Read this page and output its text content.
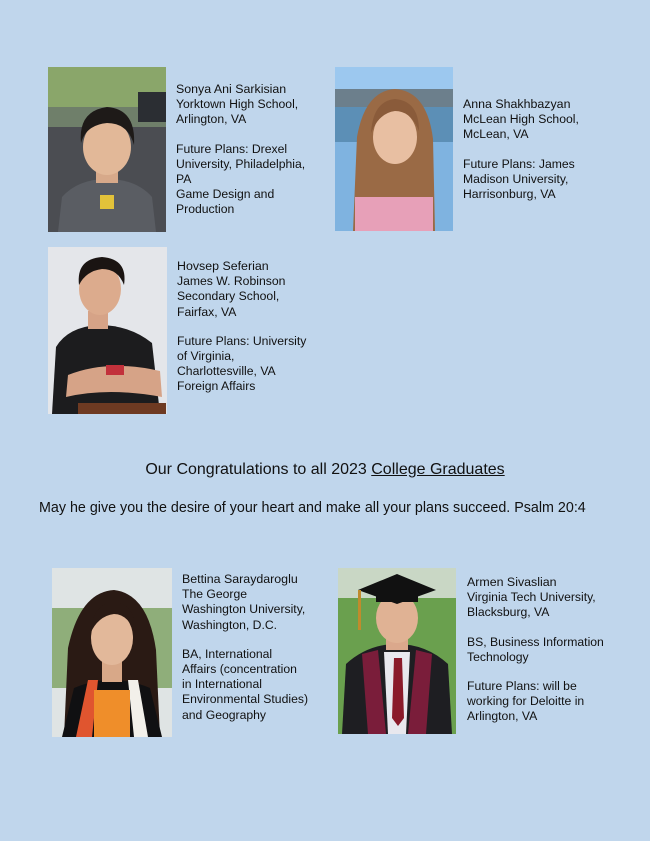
Sonya Ani Sarkisian
Yorktown High School,
Arlington, VA
Future Plans: Drexel
University, Philadelphia,
PA
Game Design and
Production
Anna Shakhbazyan
McLean High School,
McLean, VA
Future Plans: James
Madison University,
Harrisonburg, VA
Hovsep Seferian
James W. Robinson
Secondary School,
Fairfax, VA
Future Plans: University
of Virginia,
Charlottesville, VA
Foreign Affairs
Our Congratulations to all 2023 College Graduates
May he give you the desire of your heart and make all your plans succeed. Psalm 20:4
Bettina Saraydaroglu
The George
Washington University,
Washington, D.C.
BA, International
Affairs (concentration
in International
Environmental Studies)
and Geography
Armen Sivaslian
Virginia Tech University,
Blacksburg, VA
BS, Business Information
Technology
Future Plans: will be
working for Deloitte in
Arlington, VA
